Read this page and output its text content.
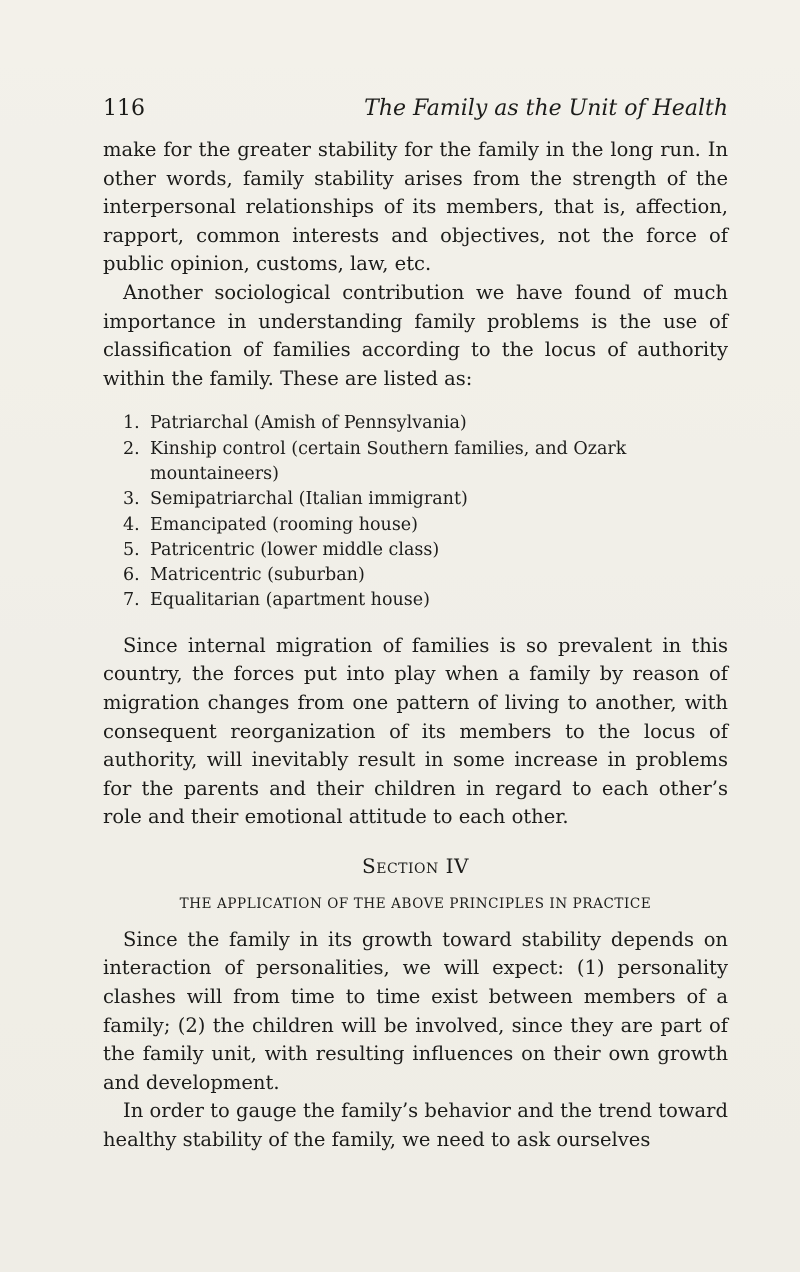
116	The Family as the Unit of Health

make for the greater stability for the family in the long run. In other words, family stability arises from the strength of the interpersonal relationships of its members, that is, affection, rapport, common interests and objectives, not the force of public opinion, customs, law, etc.

Another sociological contribution we have found of much importance in understanding family problems is the use of classification of families according to the locus of authority within the family. These are listed as:

1. Patriarchal (Amish of Pennsylvania)
2. Kinship control (certain Southern families, and Ozark mountaineers)
3. Semipatriarchal (Italian immigrant)
4. Emancipated (rooming house)
5. Patricentric (lower middle class)
6. Matricentric (suburban)
7. Equalitarian (apartment house)

Since internal migration of families is so prevalent in this country, the forces put into play when a family by reason of migration changes from one pattern of living to another, with consequent reorganization of its members to the locus of authority, will inevitably result in some increase in problems for the parents and their children in regard to each other’s role and their emotional attitude to each other.

Section IV
THE APPLICATION OF THE ABOVE PRINCIPLES IN PRACTICE

Since the family in its growth toward stability depends on interaction of personalities, we will expect: (1) personality clashes will from time to time exist between members of a family; (2) the children will be involved, since they are part of the family unit, with resulting influences on their own growth and development.

In order to gauge the family’s behavior and the trend toward healthy stability of the family, we need to ask ourselves
